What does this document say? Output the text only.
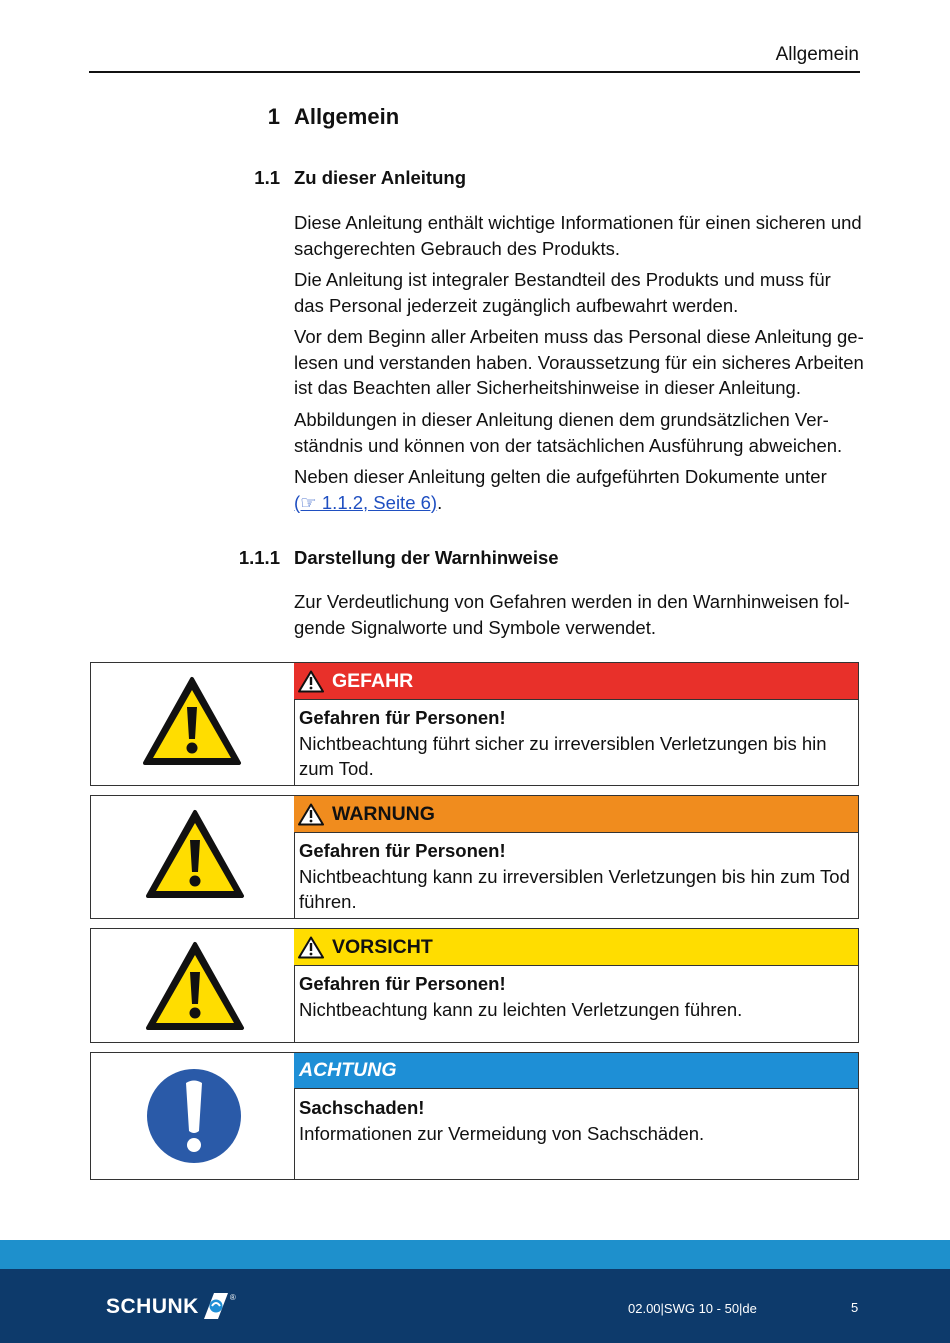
Allgemein
1 Allgemein
1.1 Zu dieser Anleitung
Diese Anleitung enthält wichtige Informationen für einen sicheren und sachgerechten Gebrauch des Produkts.
Die Anleitung ist integraler Bestandteil des Produkts und muss für das Personal jederzeit zugänglich aufbewahrt werden.
Vor dem Beginn aller Arbeiten muss das Personal diese Anleitung ge-lesen und verstanden haben. Voraussetzung für ein sicheres Arbeiten ist das Beachten aller Sicherheitshinweise in dieser Anleitung.
Abbildungen in dieser Anleitung dienen dem grundsätzlichen Ver-ständnis und können von der tatsächlichen Ausführung abweichen.
Neben dieser Anleitung gelten die aufgeführten Dokumente unter
(☞ 1.1.2, Seite 6).
1.1.1 Darstellung der Warnhinweise
Zur Verdeutlichung von Gefahren werden in den Warnhinweisen fol-gende Signalworte und Symbole verwendet.
GEFAHR
Gefahren für Personen!
Nichtbeachtung führt sicher zu irreversiblen Verletzungen bis hin zum Tod.
WARNUNG
Gefahren für Personen!
Nichtbeachtung kann zu irreversiblen Verletzungen bis hin zum Tod führen.
VORSICHT
Gefahren für Personen!
Nichtbeachtung kann zu leichten Verletzungen führen.
ACHTUNG
Sachschaden!
Informationen zur Vermeidung von Sachschäden.
SCHUNK	®
02.00|SWG 10 - 50|de	5
